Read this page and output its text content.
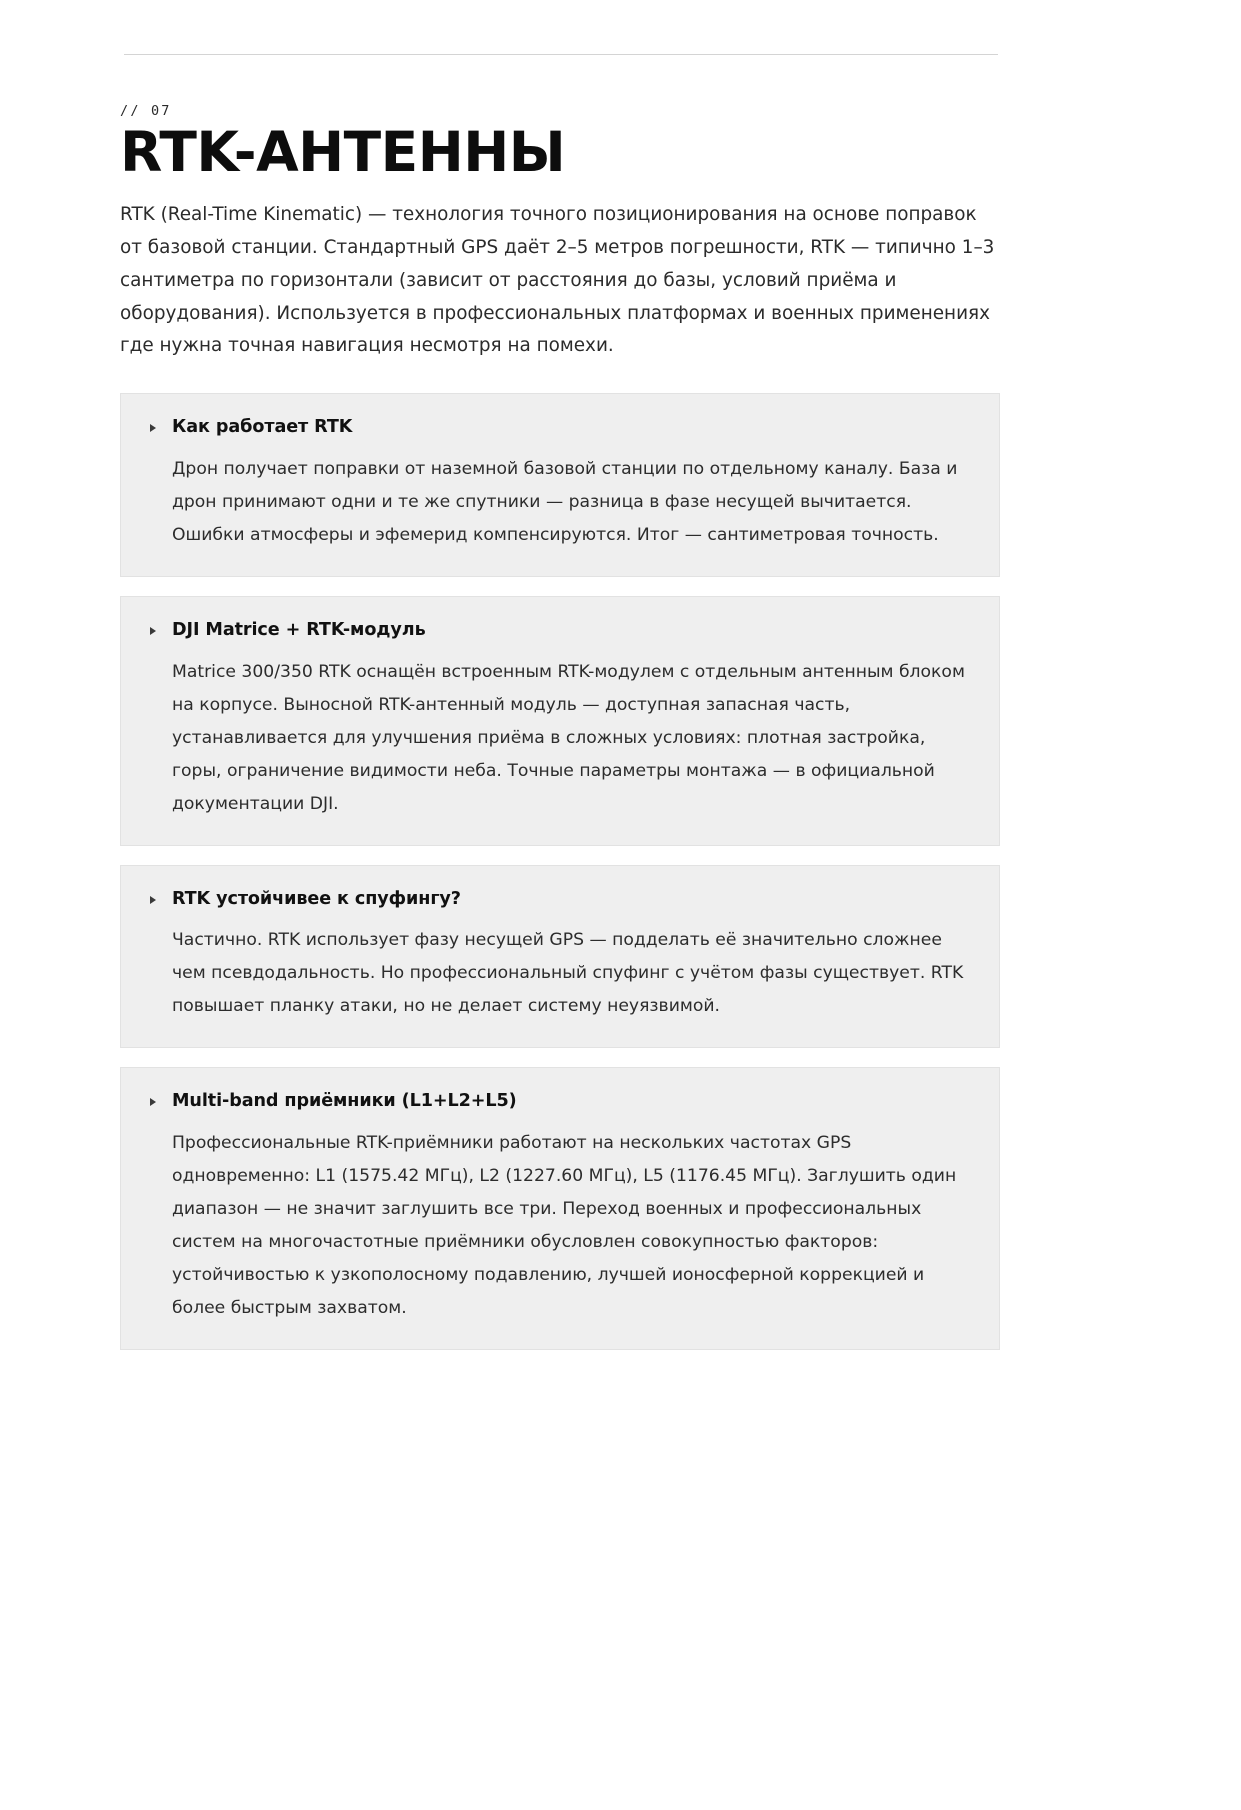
// 07
RTK-АНТЕННЫ

RTK (Real-Time Kinematic) — технология точного позиционирования на основе поправок от базовой станции. Стандартный GPS даёт 2–5 метров погрешности, RTK — типично 1–3 сантиметра по горизонтали (зависит от расстояния до базы, условий приёма и оборудования). Используется в профессиональных платформах и военных применениях где нужна точная навигация несмотря на помехи.

Как работает RTK

Дрон получает поправки от наземной базовой станции по отдельному каналу. База и дрон принимают одни и те же спутники — разница в фазе несущей вычитается. Ошибки атмосферы и эфемерид компенсируются. Итог — сантиметровая точность.

DJI Matrice + RTK-модуль

Matrice 300/350 RTK оснащён встроенным RTK-модулем с отдельным антенным блоком на корпусе. Выносной RTK-антенный модуль — доступная запасная часть, устанавливается для улучшения приёма в сложных условиях: плотная застройка, горы, ограничение видимости неба. Точные параметры монтажа — в официальной документации DJI.

RTK устойчивее к спуфингу?

Частично. RTK использует фазу несущей GPS — подделать её значительно сложнее чем псевдодальность. Но профессиональный спуфинг с учётом фазы существует. RTK повышает планку атаки, но не делает систему неуязвимой.

Multi-band приёмники (L1+L2+L5)

Профессиональные RTK-приёмники работают на нескольких частотах GPS одновременно: L1 (1575.42 МГц), L2 (1227.60 МГц), L5 (1176.45 МГц). Заглушить один диапазон — не значит заглушить все три. Переход военных и профессиональных систем на многочастотные приёмники обусловлен совокупностью факторов: устойчивостью к узкополосному подавлению, лучшей ионосферной коррекцией и более быстрым захватом.
